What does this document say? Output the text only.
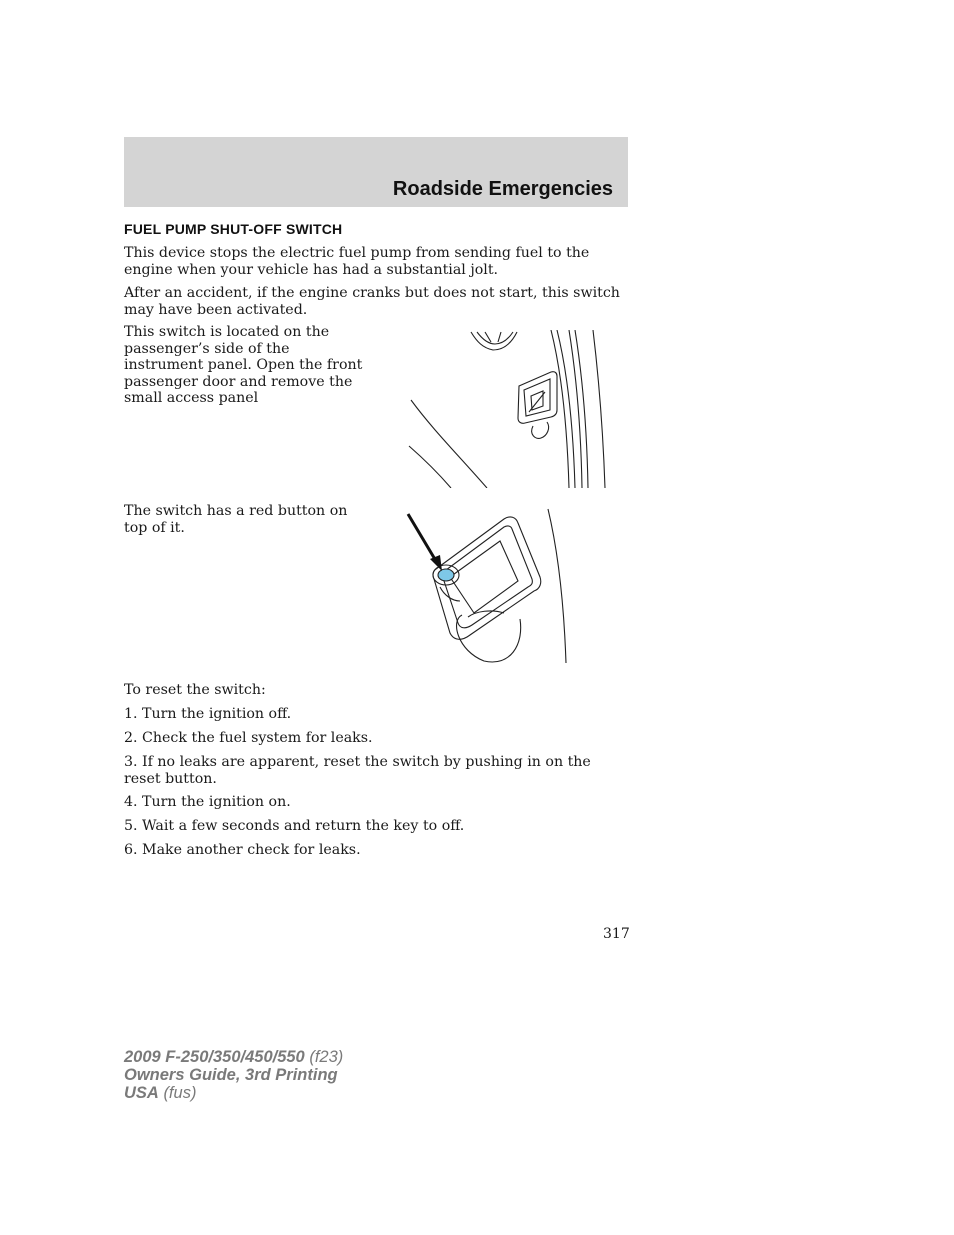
Roadside Emergencies
FUEL PUMP SHUT-OFF SWITCH

This device stops the electric fuel pump from sending fuel to the engine when your vehicle has had a substantial jolt.

After an accident, if the engine cranks but does not start, this switch may have been activated.

This switch is located on the passenger’s side of the instrument panel. Open the front passenger door and remove the small access panel

The switch has a red button on top of it.

To reset the switch:

1. Turn the ignition off.

2. Check the fuel system for leaks.

3. If no leaks are apparent, reset the switch by pushing in on the reset button.

4. Turn the ignition on.

5. Wait a few seconds and return the key to off.

6. Make another check for leaks.

317
2009 F-250/350/450/550 (f23)
Owners Guide, 3rd Printing
USA (fus)
